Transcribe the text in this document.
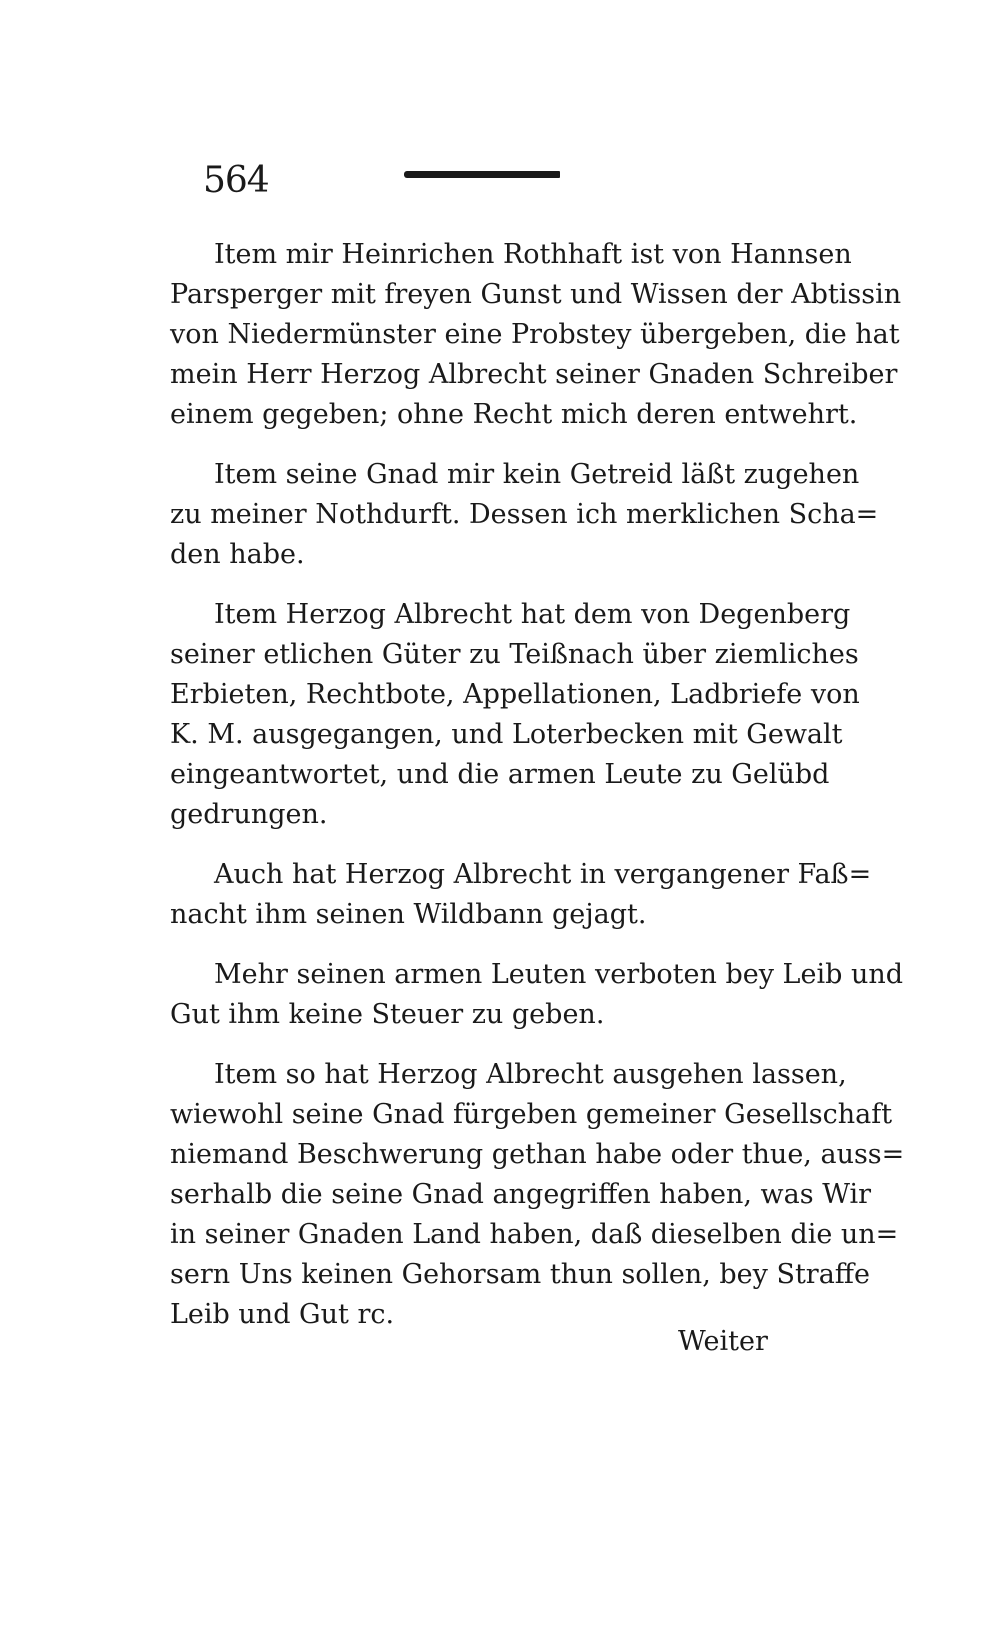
564
Item mir Heinrichen Rothhaft ist von Hannsen
Parsperger mit freyen Gunst und Wissen der Abtissin
von Niedermünster eine Probstey übergeben, die hat
mein Herr Herzog Albrecht seiner Gnaden Schreiber
einem gegeben; ohne Recht mich deren entwehrt.
Item seine Gnad mir kein Getreid läßt zugehen
zu meiner Nothdurft. Dessen ich merklichen Scha=
den habe.
Item Herzog Albrecht hat dem von Degenberg
seiner etlichen Güter zu Teißnach über ziemliches
Erbieten, Rechtbote, Appellationen, Ladbriefe von
K. M. ausgegangen, und Loterbecken mit Gewalt
eingeantwortet, und die armen Leute zu Gelübd
gedrungen.
Auch hat Herzog Albrecht in vergangener Faß=
nacht ihm seinen Wildbann gejagt.
Mehr seinen armen Leuten verboten bey Leib und
Gut ihm keine Steuer zu geben.
Item so hat Herzog Albrecht ausgehen lassen,
wiewohl seine Gnad fürgeben gemeiner Gesellschaft
niemand Beschwerung gethan habe oder thue, auss=
serhalb die seine Gnad angegriffen haben, was Wir
in seiner Gnaden Land haben, daß dieselben die un=
sern Uns keinen Gehorsam thun sollen, bey Straffe
Leib und Gut rc.
Weiter
